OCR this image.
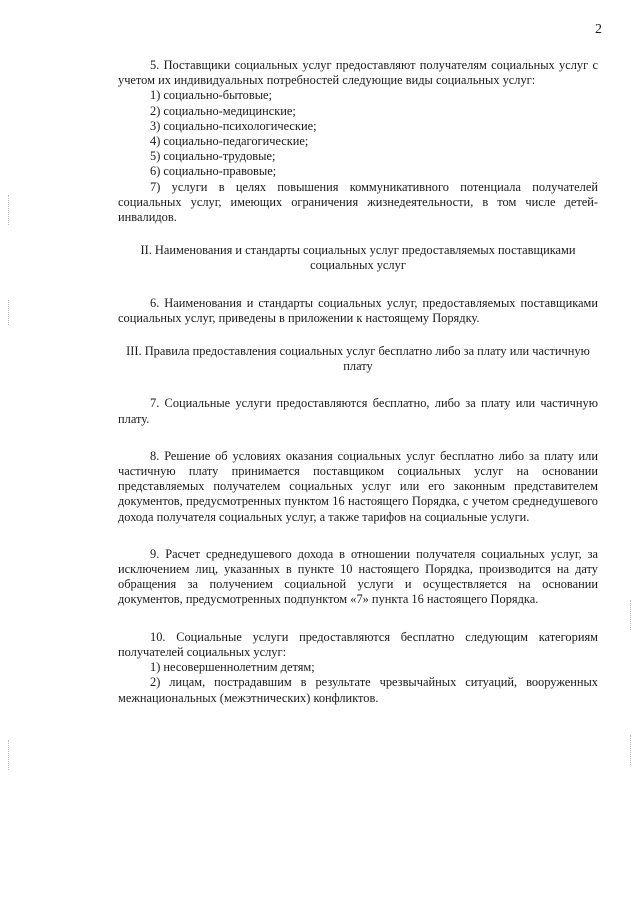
2

5. Поставщики социальных услуг предоставляют получателям социальных услуг с учетом их индивидуальных потребностей следующие виды социальных услуг:

1) социально-бытовые;

2) социально-медицинские;

3) социально-психологические;

4) социально-педагогические;

5) социально-трудовые;

6) социально-правовые;

7) услуги в целях повышения коммуникативного потенциала получателей социальных услуг, имеющих ограничения жизнедеятельности, в том числе детей-инвалидов.

II. Наименования и стандарты социальных услуг предоставляемых поставщиками социальных услуг

6. Наименования и стандарты социальных услуг, предоставляемых поставщиками социальных услуг, приведены в приложении к настоящему Порядку.

III. Правила предоставления социальных услуг бесплатно либо за плату или частичную плату

7. Социальные услуги предоставляются бесплатно, либо за плату или частичную плату.

8. Решение об условиях оказания социальных услуг бесплатно либо за плату или частичную плату принимается поставщиком социальных услуг на основании представляемых получателем социальных услуг или его законным представителем документов, предусмотренных пунктом 16 настоящего Порядка, с учетом среднедушевого дохода получателя социальных услуг, а также тарифов на социальные услуги.

9. Расчет среднедушевого дохода в отношении получателя социальных услуг, за исключением лиц, указанных в пункте 10 настоящего Порядка, производится на дату обращения за получением социальной услуги и осуществляется на основании документов, предусмотренных подпунктом «7» пункта 16 настоящего Порядка.

10. Социальные услуги предоставляются бесплатно следующим категориям получателей социальных услуг:

1) несовершеннолетним детям;

2) лицам, пострадавшим в результате чрезвычайных ситуаций, вооруженных межнациональных (межэтнических) конфликтов.
